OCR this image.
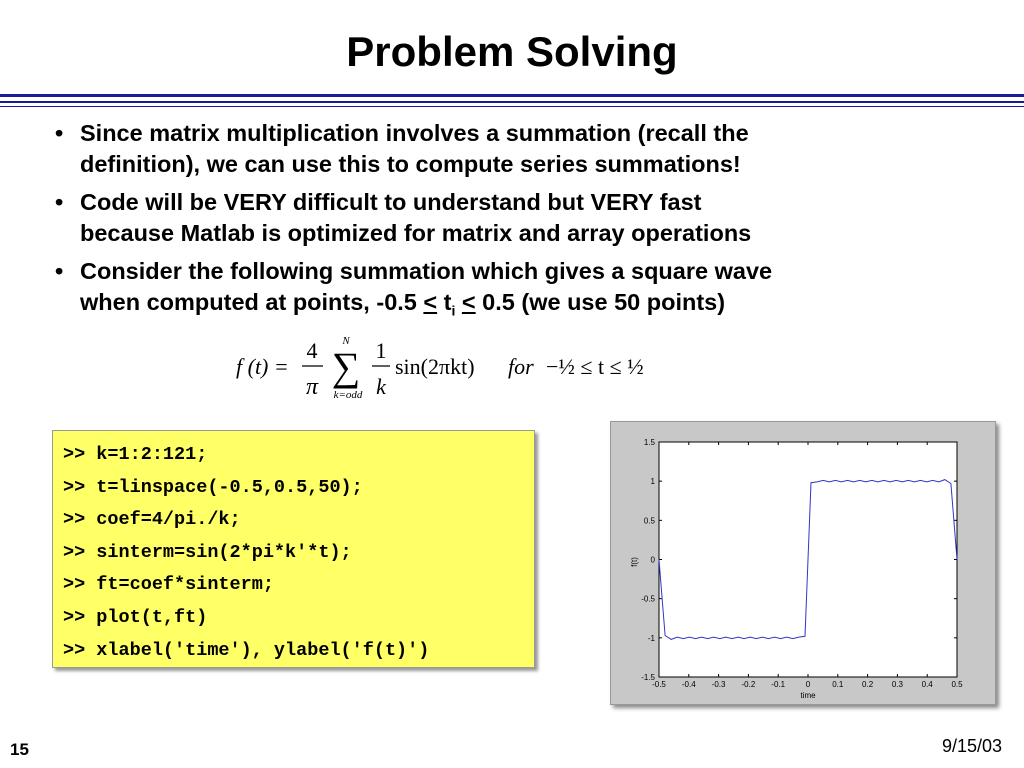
Problem Solving
• Since matrix multiplication involves a summation (recall the
definition), we can use this to compute series summations!
• Code will be VERY difficult to understand but VERY fast
because Matlab is optimized for matrix and array operations
• Consider the following summation which gives a square wave
when computed at points, $-0.5 \le t_i \le 0.5$ (we use 50 points)
f (t) =
4
π
N
∑
k=odd
1
k
sin(2πkt) for −½ ≤ t ≤ ½
>> k=1:2:121;
>> t=linspace(-0.5,0.5,50);
>> coef=4/pi./k;
>> sinterm=sin(2*pi*k'*t);
>> ft=coef*sinterm;
>> plot(t,ft)
>> xlabel('time'), ylabel('f(t)')
-0.5 -0.4 -0.3 -0.2 -0.1	0	0.1 0.2 0.3 0.4 0.5
-1.5
-1
-0.5
0
0.5
1
1.5
time
f(t)
15	9/15/03
